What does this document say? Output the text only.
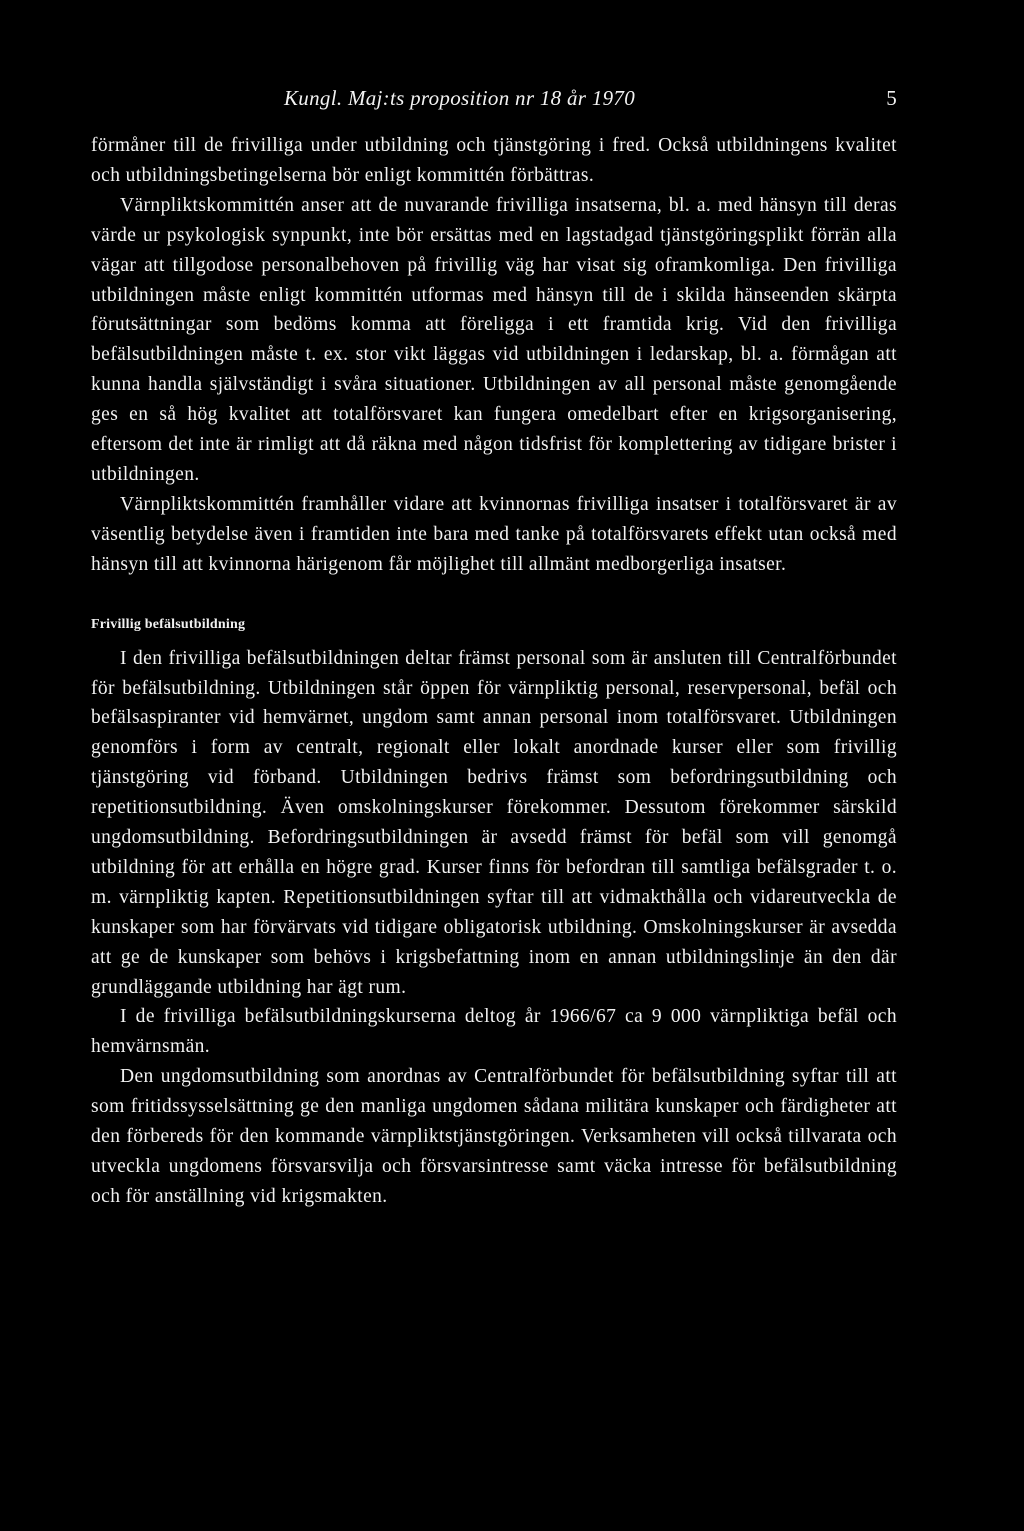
Kungl. Maj:ts proposition nr 18 år 1970	5

förmåner till de frivilliga under utbildning och tjänstgöring i fred. Också utbildningens kvalitet och utbildningsbetingelserna bör enligt kommittén förbättras.

Värnpliktskommittén anser att de nuvarande frivilliga insatserna, bl. a. med hänsyn till deras värde ur psykologisk synpunkt, inte bör ersättas med en lagstadgad tjänstgöringsplikt förrän alla vägar att tillgodose personalbehoven på frivillig väg har visat sig oframkomliga. Den frivilliga utbildningen måste enligt kommittén utformas med hänsyn till de i skilda hänseenden skärpta förutsättningar som bedöms komma att föreligga i ett framtida krig. Vid den frivilliga befälsutbildningen måste t. ex. stor vikt läggas vid utbildningen i ledarskap, bl. a. förmågan att kunna handla självständigt i svåra situationer. Utbildningen av all personal måste genomgående ges en så hög kvalitet att totalförsvaret kan fungera omedelbart efter en krigsorganisering, eftersom det inte är rimligt att då räkna med någon tidsfrist för komplettering av tidigare brister i utbildningen.

Värnpliktskommittén framhåller vidare att kvinnornas frivilliga insatser i totalförsvaret är av väsentlig betydelse även i framtiden inte bara med tanke på totalförsvarets effekt utan också med hänsyn till att kvinnorna härigenom får möjlighet till allmänt medborgerliga insatser.

Frivillig befälsutbildning

I den frivilliga befälsutbildningen deltar främst personal som är ansluten till Centralförbundet för befälsutbildning. Utbildningen står öppen för värnpliktig personal, reservpersonal, befäl och befälsaspiranter vid hemvärnet, ungdom samt annan personal inom totalförsvaret. Utbildningen genomförs i form av centralt, regionalt eller lokalt anordnade kurser eller som frivillig tjänstgöring vid förband. Utbildningen bedrivs främst som befordringsutbildning och repetitionsutbildning. Även omskolningskurser förekommer. Dessutom förekommer särskild ungdomsutbildning. Befordringsutbildningen är avsedd främst för befäl som vill genomgå utbildning för att erhålla en högre grad. Kurser finns för befordran till samtliga befälsgrader t. o. m. värnpliktig kapten. Repetitionsutbildningen syftar till att vidmakthålla och vidareutveckla de kunskaper som har förvärvats vid tidigare obligatorisk utbildning. Omskolningskurser är avsedda att ge de kunskaper som behövs i krigsbefattning inom en annan utbildningslinje än den där grundläggande utbildning har ägt rum.

I de frivilliga befälsutbildningskurserna deltog år 1966/67 ca 9 000 värnpliktiga befäl och hemvärnsmän.

Den ungdomsutbildning som anordnas av Centralförbundet för befälsutbildning syftar till att som fritidssysselsättning ge den manliga ungdomen sådana militära kunskaper och färdigheter att den förbereds för den kommande värnpliktstjänstgöringen. Verksamheten vill också tillvarata och utveckla ungdomens försvarsvilja och försvarsintresse samt väcka intresse för befälsutbildning och för anställning vid krigsmakten.
